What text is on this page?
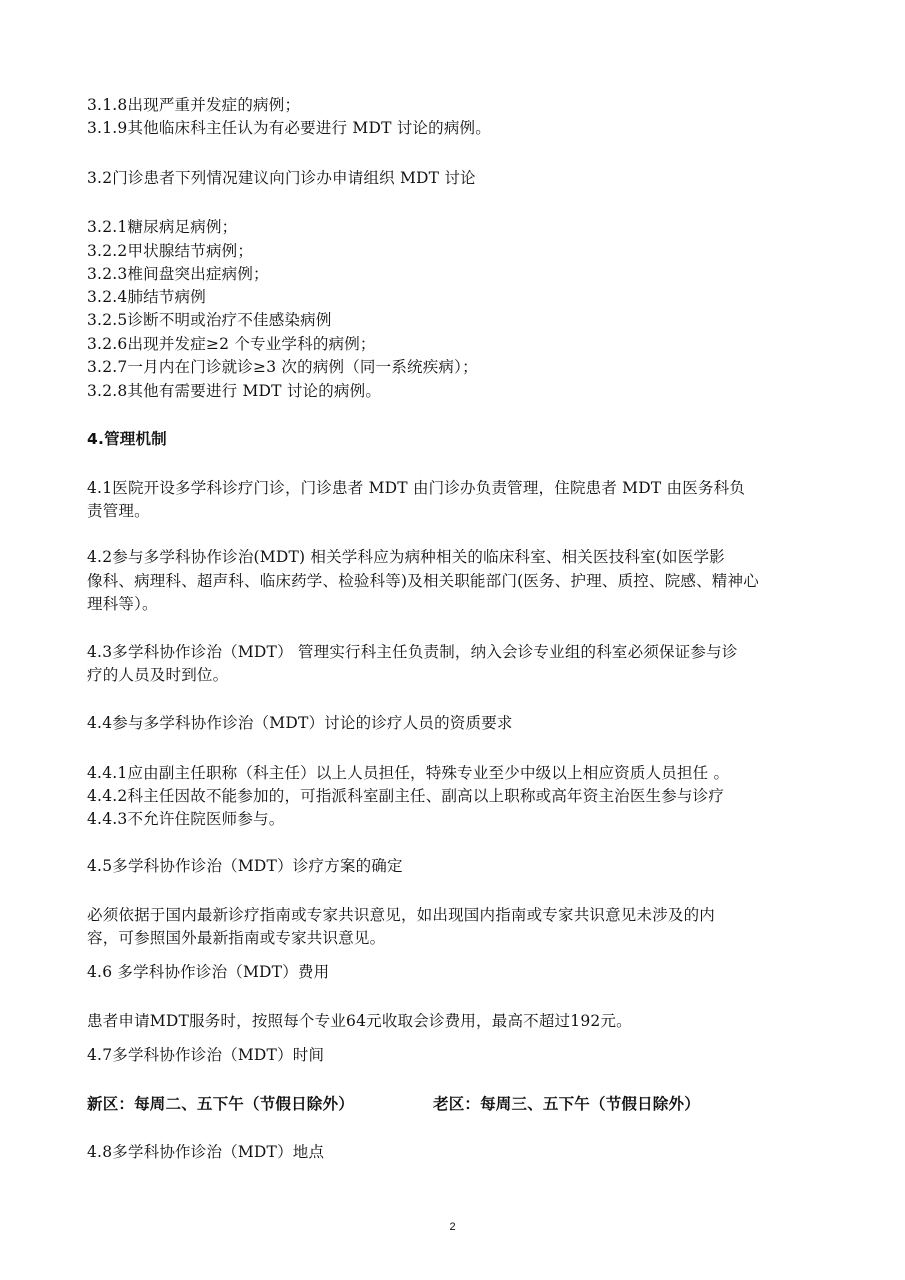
3.1.8出现严重并发症的病例；
3.1.9其他临床科主任认为有必要进行 MDT 讨论的病例。
3.2门诊患者下列情况建议向门诊办申请组织 MDT 讨论
3.2.1糖尿病足病例；
3.2.2甲状腺结节病例；
3.2.3椎间盘突出症病例；
3.2.4肺结节病例
3.2.5诊断不明或治疗不佳感染病例
3.2.6出现并发症≥2 个专业学科的病例；
3.2.7一月内在门诊就诊≥3 次的病例（同一系统疾病）；
3.2.8其他有需要进行 MDT 讨论的病例。
4.管理机制
4.1医院开设多学科诊疗门诊，门诊患者 MDT 由门诊办负责管理，住院患者 MDT 由医务科负
责管理。
4.2参与多学科协作诊治(MDT) 相关学科应为病种相关的临床科室、相关医技科室(如医学影
像科、病理科、超声科、临床药学、检验科等)及相关职能部门(医务、护理、质控、院感、精神心
理科等）。
4.3多学科协作诊治（MDT） 管理实行科主任负责制，纳入会诊专业组的科室必须保证参与诊
疗的人员及时到位。
4.4参与多学科协作诊治（MDT）讨论的诊疗人员的资质要求
4.4.1应由副主任职称（科主任）以上人员担任，特殊专业至少中级以上相应资质人员担任 。
4.4.2科主任因故不能参加的，可指派科室副主任、副高以上职称或高年资主治医生参与诊疗
4.4.3不允许住院医师参与。
4.5多学科协作诊治（MDT）诊疗方案的确定
必须依据于国内最新诊疗指南或专家共识意见，如出现国内指南或专家共识意见未涉及的内
容，可参照国外最新指南或专家共识意见。
4.6 多学科协作诊治（MDT）费用
患者申请MDT服务时，按照每个专业64元收取会诊费用，最高不超过192元。
4.7多学科协作诊治（MDT）时间
新区：每周二、五下午（节假日除外）	老区：每周三、五下午（节假日除外）
4.8多学科协作诊治（MDT）地点
2
